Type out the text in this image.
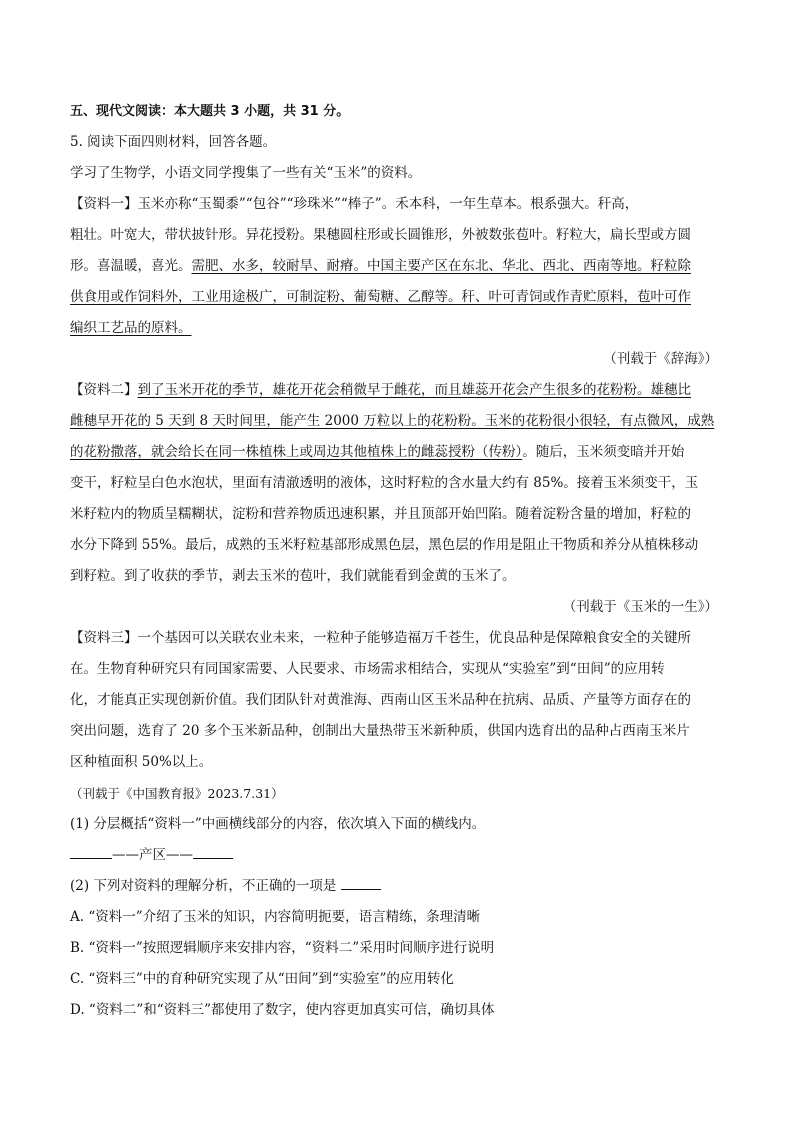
五、现代文阅读：本大题共 3 小题，共 31 分。
5. 阅读下面四则材料，回答各题。
学习了生物学，小语文同学搜集了一些有关“玉米”的资料。
【资料一】玉米亦称“玉蜀黍”“包谷”“珍珠米”“棒子”。禾本科，一年生草本。根系强大。秆高，
粗壮。叶宽大，带状披针形。异花授粉。果穗圆柱形或长圆锥形，外被数张苞叶。籽粒大，扁长型或方圆
形。喜温暖，喜光。需肥、水多，较耐旱、耐瘠。中国主要产区在东北、华北、西北、西南等地。籽粒除
供食用或作饲料外，工业用途极广，可制淀粉、葡萄糖、乙醇等。秆、叶可青饲或作青贮原料，苞叶可作
编织工艺品的原料。
（刊载于《辞海》）
【资料二】到了玉米开花的季节，雄花开花会稍微早于雌花，而且雄蕊开花会产生很多的花粉粉。雄穗比
雌穗早开花的 5 天到 8 天时间里，能产生 2000 万粒以上的花粉粉。玉米的花粉很小很轻，有点微风，成熟
的花粉撒落，就会给长在同一株植株上或周边其他植株上的雌蕊授粉（传粉）。随后，玉米须变暗并开始
变干，籽粒呈白色水泡状，里面有清澈透明的液体，这时籽粒的含水量大约有 85%。接着玉米须变干，玉
米籽粒内的物质呈糯糊状，淀粉和营养物质迅速积累，并且顶部开始凹陷。随着淀粉含量的增加，籽粒的
水分下降到 55%。最后，成熟的玉米籽粒基部形成黑色层，黑色层的作用是阻止干物质和养分从植株移动
到籽粒。到了收获的季节，剥去玉米的苞叶，我们就能看到金黄的玉米了。
（刊载于《玉米的一生》）
【资料三】一个基因可以关联农业未来，一粒种子能够造福万千苍生，优良品种是保障粮食安全的关键所
在。生物育种研究只有同国家需要、人民要求、市场需求相结合，实现从“实验室”到“田间”的应用转
化，才能真正实现创新价值。我们团队针对黄淮海、西南山区玉米品种在抗病、品质、产量等方面存在的
突出问题，选育了 20 多个玉米新品种，创制出大量热带玉米新种质，供国内选育出的品种占西南玉米片
区种植面积 50%以上。
（刊载于《中国教育报》2023.7.31）
(1) 分层概括“资料一”中画横线部分的内容，依次填入下面的横线内。
——产区——
(2) 下列对资料的理解分析，不正确的一项是
A. “资料一”介绍了玉米的知识，内容简明扼要，语言精练，条理清晰
B. “资料一”按照逻辑顺序来安排内容，“资料二”采用时间顺序进行说明
C. “资料三”中的育种研究实现了从“田间”到“实验室”的应用转化
D. “资料二”和“资料三”都使用了数字，使内容更加真实可信，确切具体
